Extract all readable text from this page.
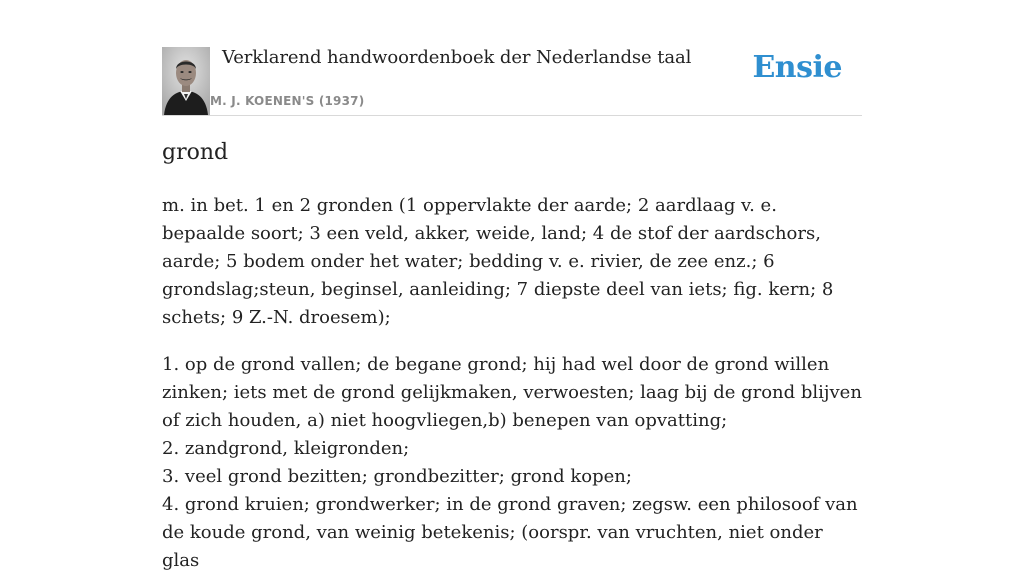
Verklarend handwoordenboek der Nederlandse taal
M. J. KOENEN'S (1937)
Ensie
grond

m. in bet. 1 en 2 gronden (1 oppervlakte der aarde; 2 aardlaag v. e. bepaalde soort; 3 een veld, akker, weide, land; 4 de stof der aardschors, aarde; 5 bodem onder het water; bedding v. e. rivier, de zee enz.; 6 grondslag;steun, beginsel, aanleiding; 7 diepste deel van iets; fig. kern; 8 schets; 9 Z.-N. droesem);

1. op de grond vallen; de begane grond; hij had wel door de grond willen zinken; iets met de grond gelijkmaken, verwoesten; laag bij de grond blijven of zich houden, a) niet hoogvliegen,b) benepen van opvatting;
2. zandgrond, kleigronden;
3. veel grond bezitten; grondbezitter; grond kopen;
4. grond kruien; grondwerker; in de grond graven; zegsw. een philosoof van de koude grond, van weinig betekenis; (oorspr. van vruchten, niet onder glas
